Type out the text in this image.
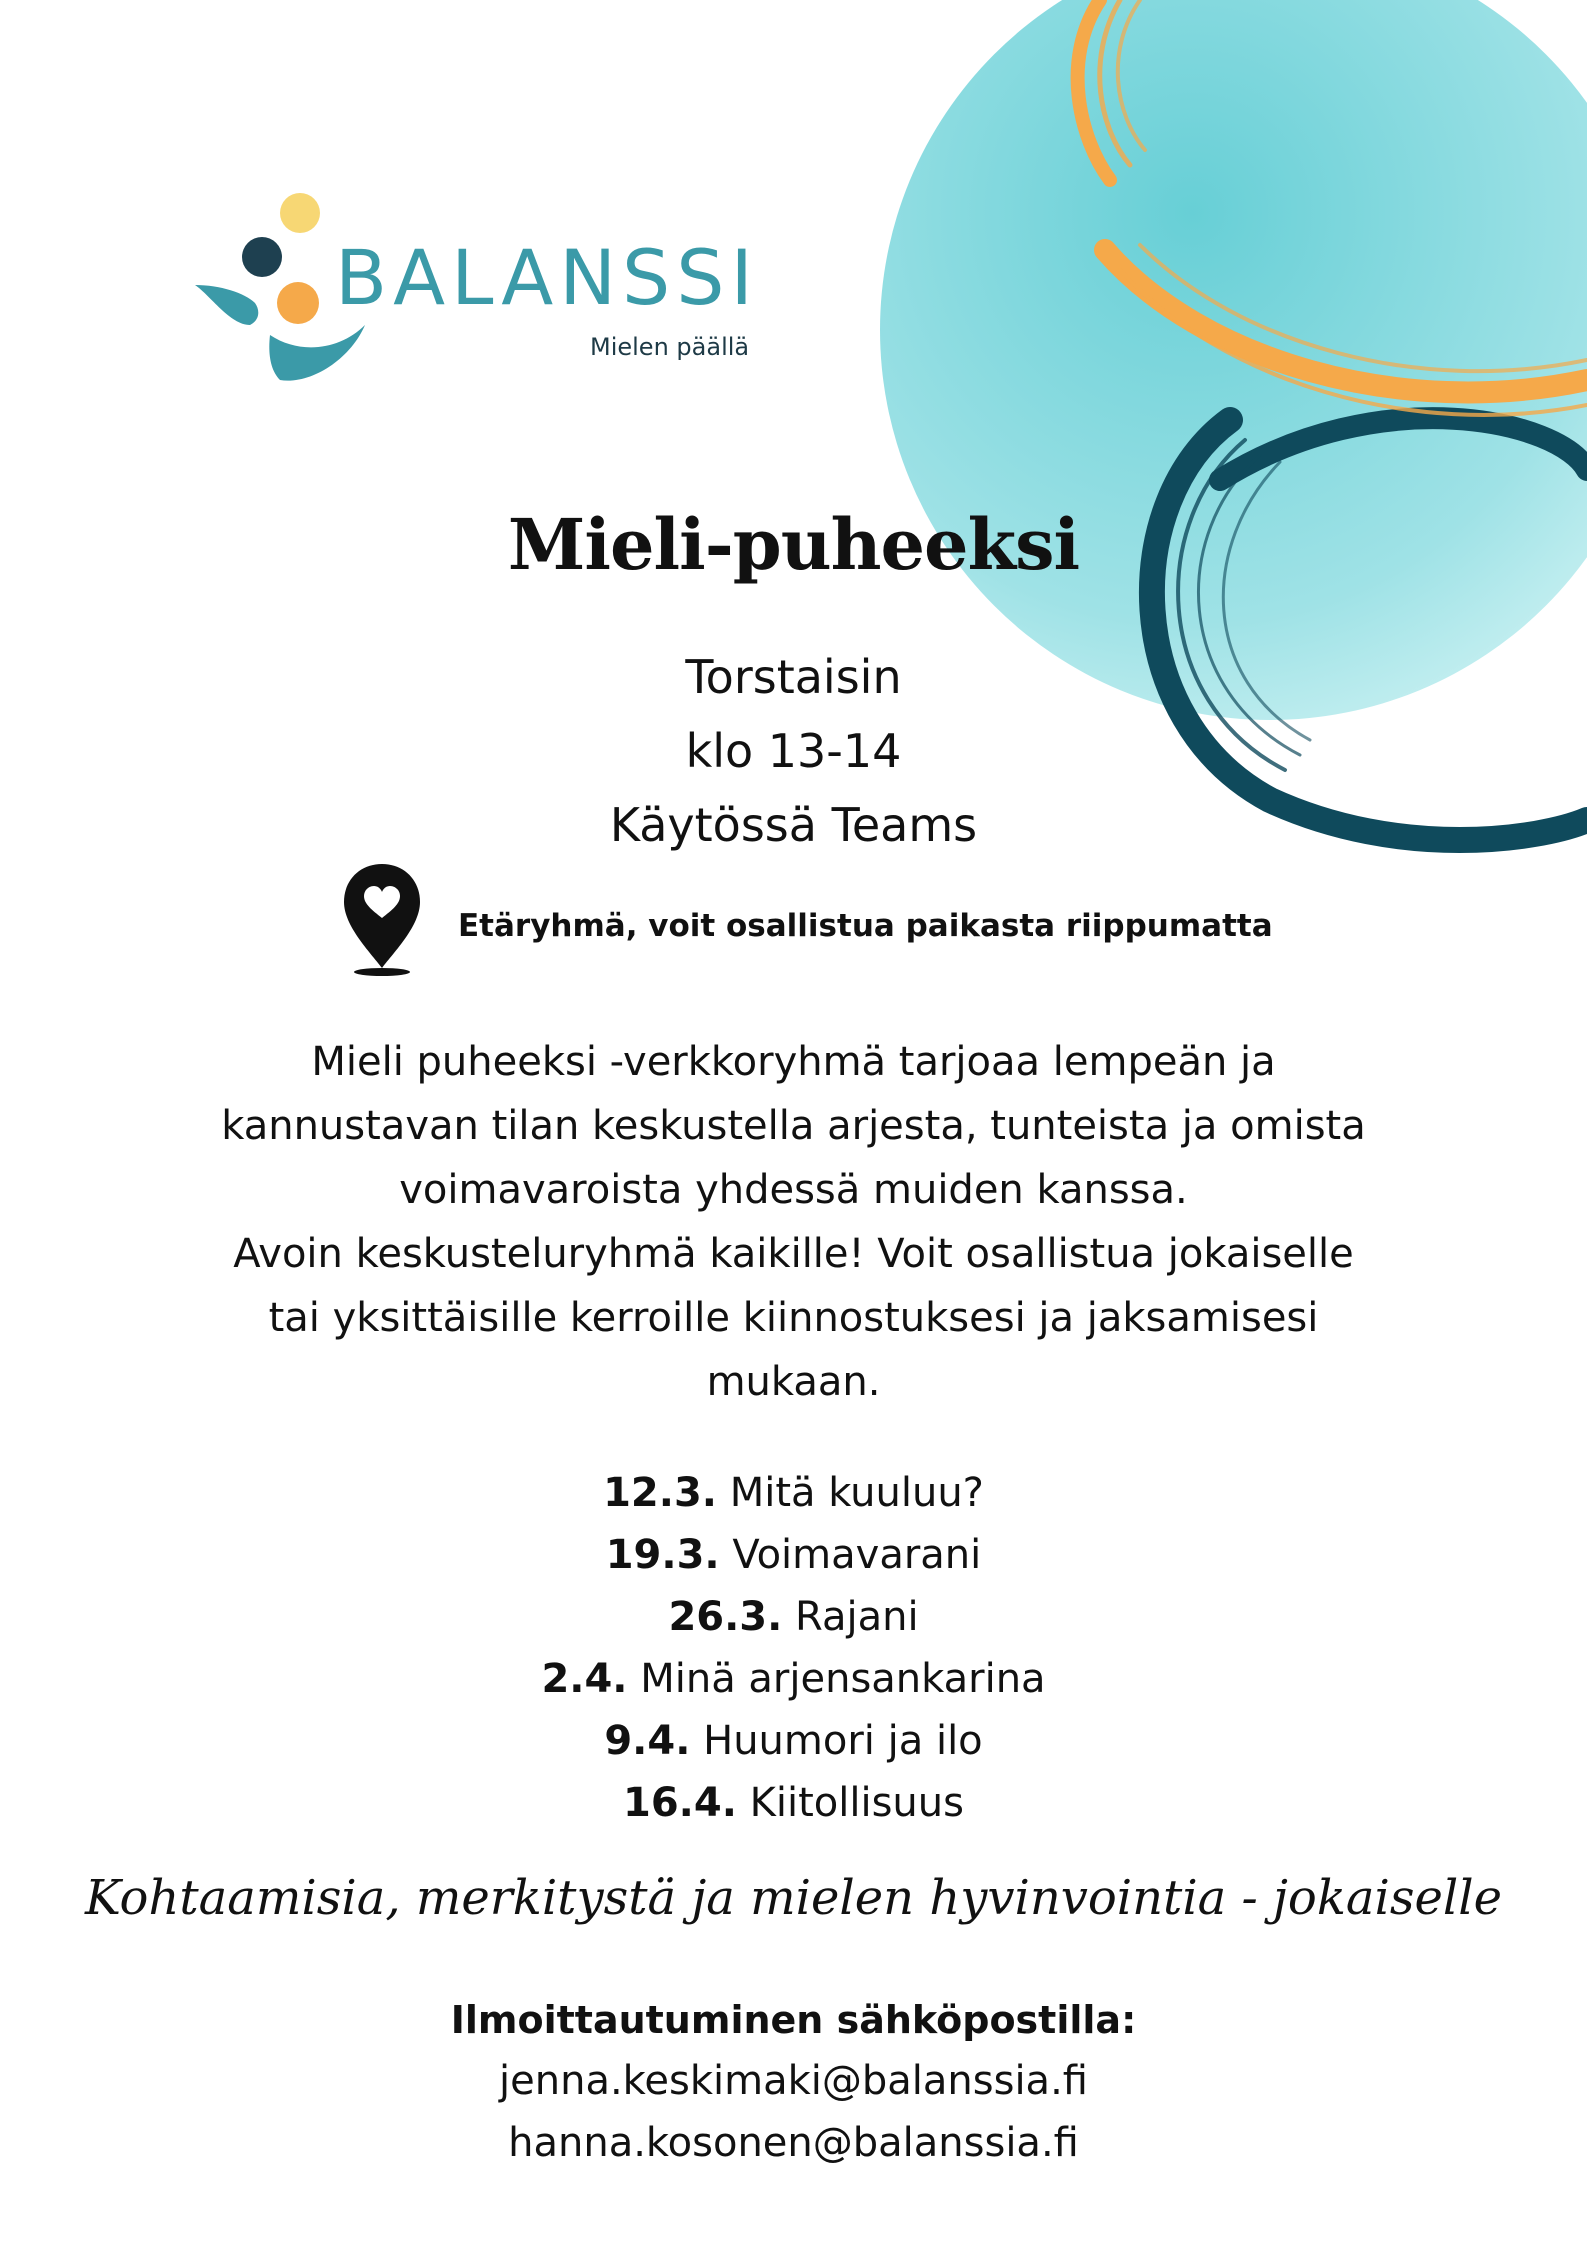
BALANSSI
Mielen päällä
Mieli-puheeksi
Torstaisin
klo 13-14
Käytössä Teams
Etäryhmä, voit osallistua paikasta riippumatta
Mieli puheeksi -verkkoryhmä tarjoaa lempeän ja
kannustavan tilan keskustella arjesta, tunteista ja omista
voimavaroista yhdessä muiden kanssa.
Avoin keskusteluryhmä kaikille! Voit osallistua jokaiselle
tai yksittäisille kerroille kiinnostuksesi ja jaksamisesi
mukaan.
12.3. Mitä kuuluu?
19.3. Voimavarani
26.3. Rajani
2.4. Minä arjensankarina
9.4. Huumori ja ilo
16.4. Kiitollisuus
Kohtaamisia, merkitystä ja mielen hyvinvointia - jokaiselle
Ilmoittautuminen sähköpostilla:
jenna.keskimaki@balanssia.fi
hanna.kosonen@balanssia.fi
